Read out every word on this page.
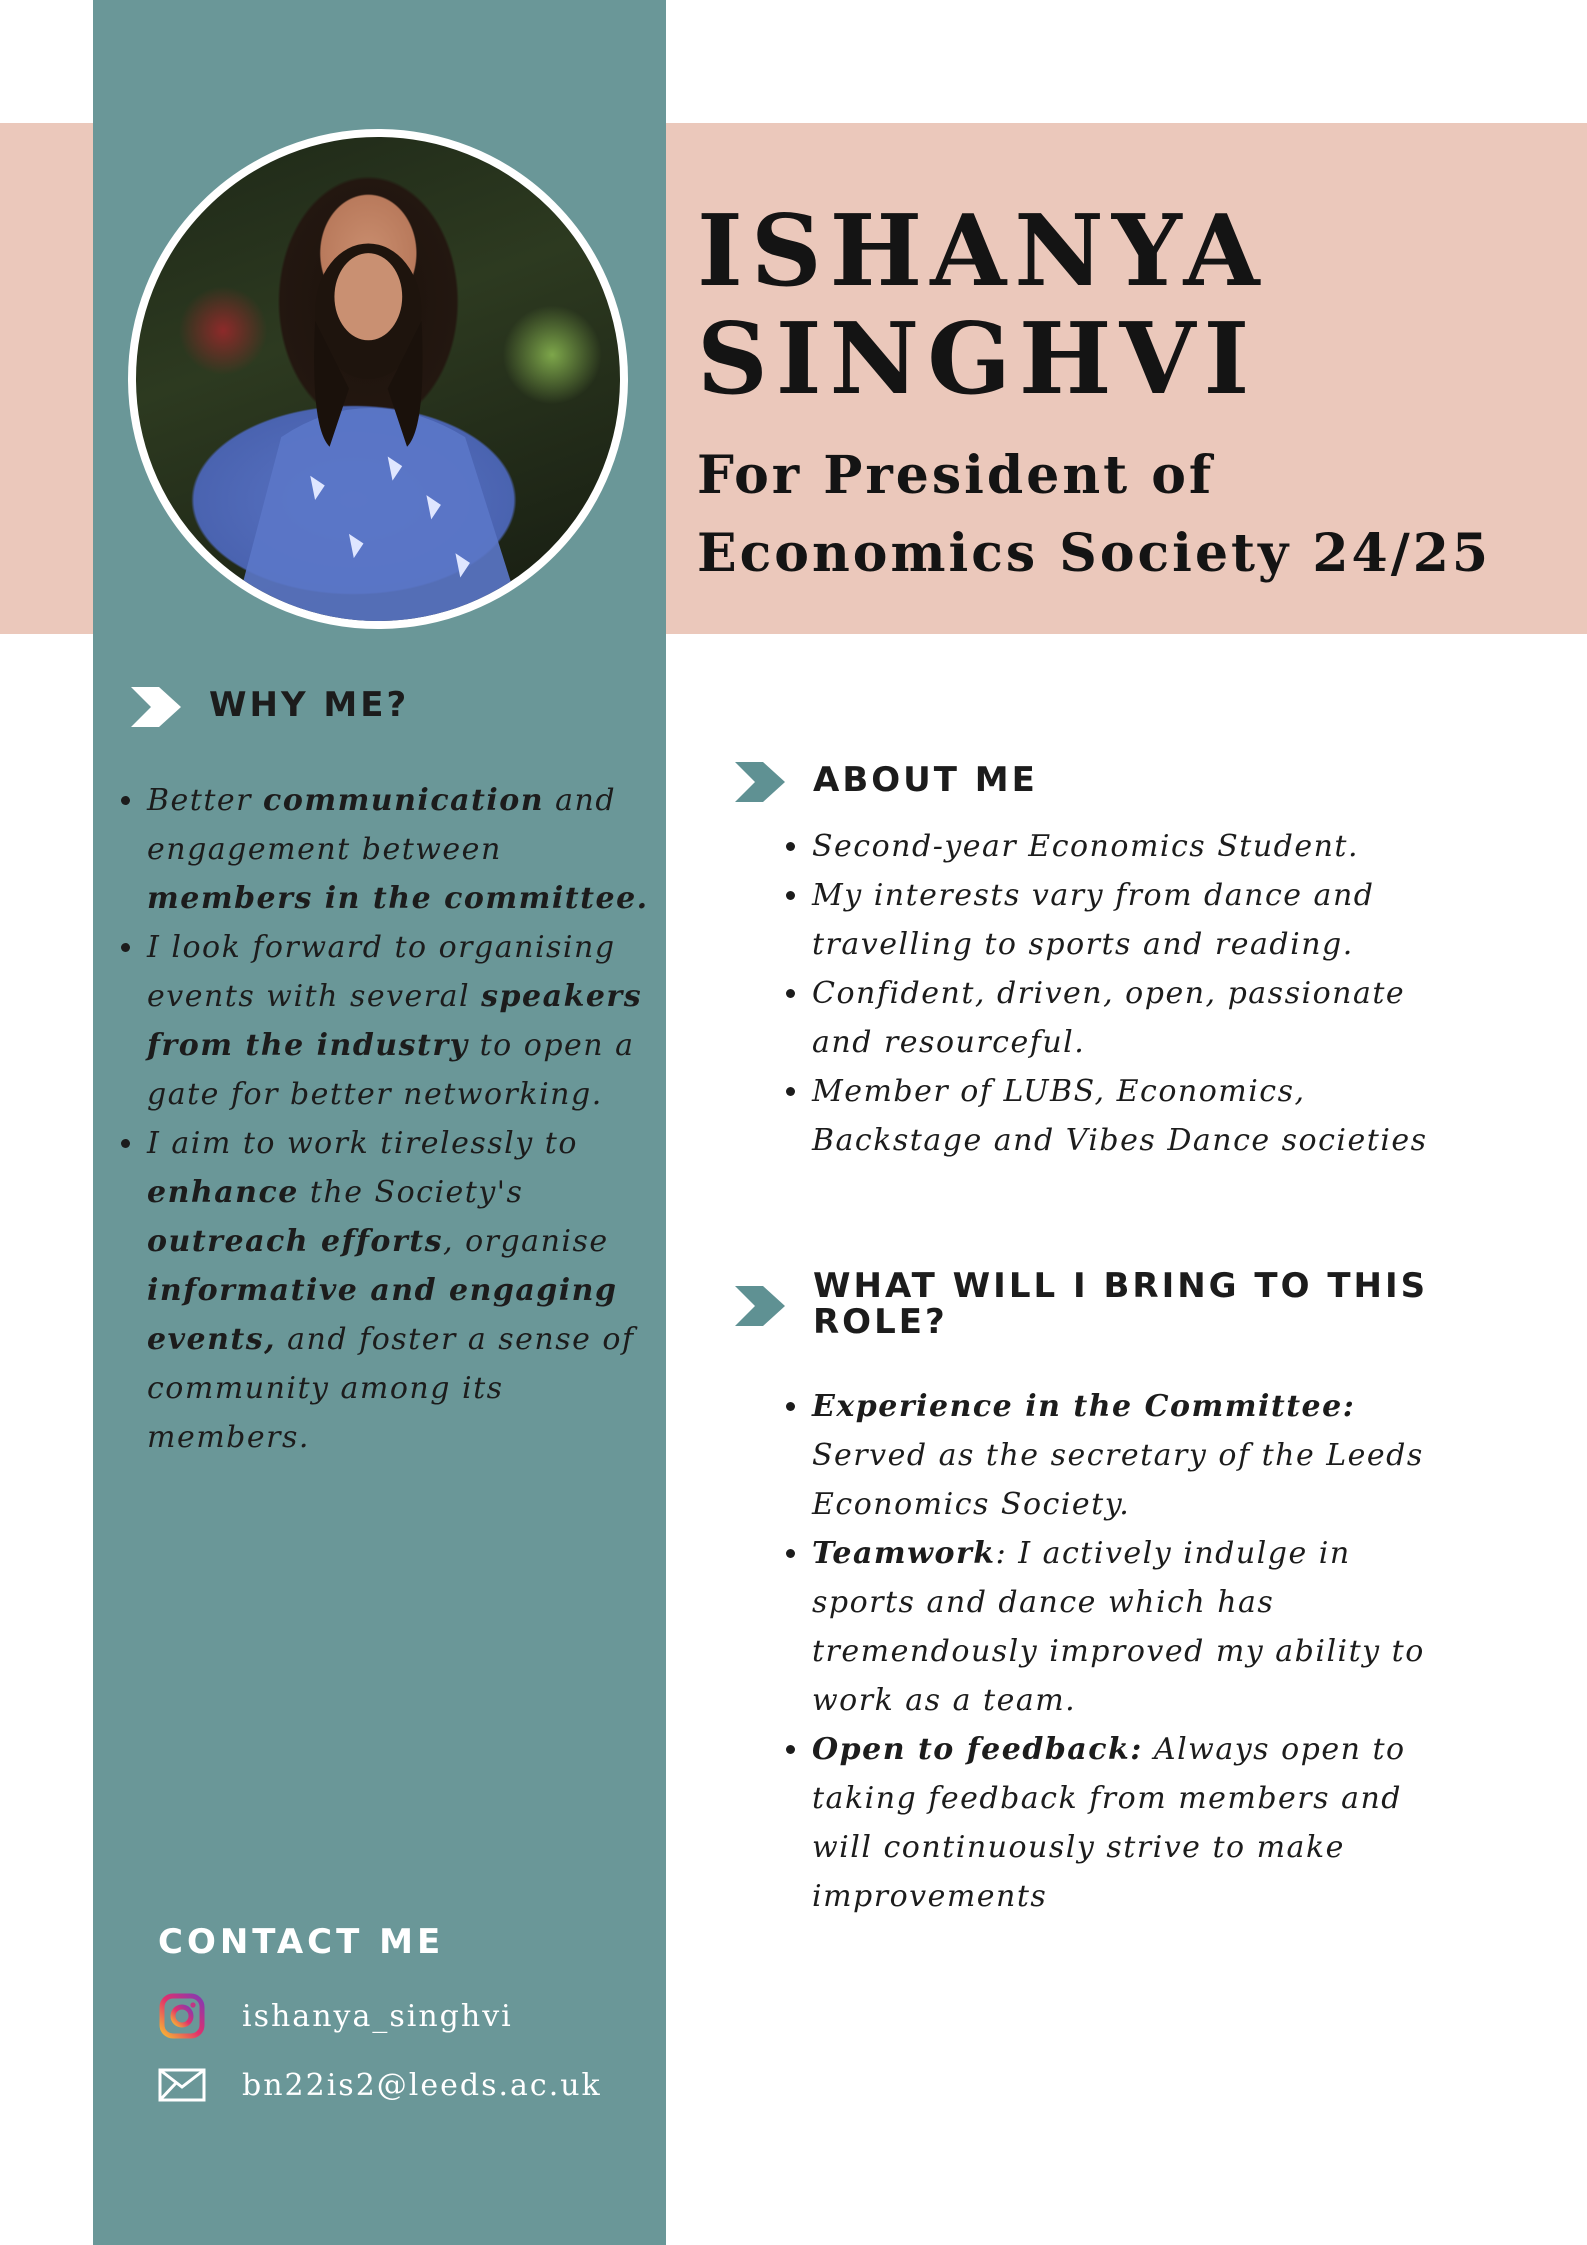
ISHANYA
SINGHVI
For President of
Economics Society 24/25
WHY ME?
Better communication and engagement between members in the committee.
I look forward to organising events with several speakers from the industry to open a gate for better networking.
I aim to work tirelessly to enhance the Society's outreach efforts, organise informative and engaging events, and foster a sense of community among its members.
ABOUT ME
Second-year Economics Student.
My interests vary from dance and travelling to sports and reading.
Confident, driven, open, passionate and resourceful.
Member of LUBS, Economics, Backstage and Vibes Dance societies
WHAT WILL I BRING TO THIS ROLE?
Experience in the Committee: Served as the secretary of the Leeds Economics Society.
Teamwork: I actively indulge in sports and dance which has tremendously improved my ability to work as a team.
Open to feedback: Always open to taking feedback from members and will continuously strive to make improvements
CONTACT ME
ishanya_singhvi
bn22is2@leeds.ac.uk
